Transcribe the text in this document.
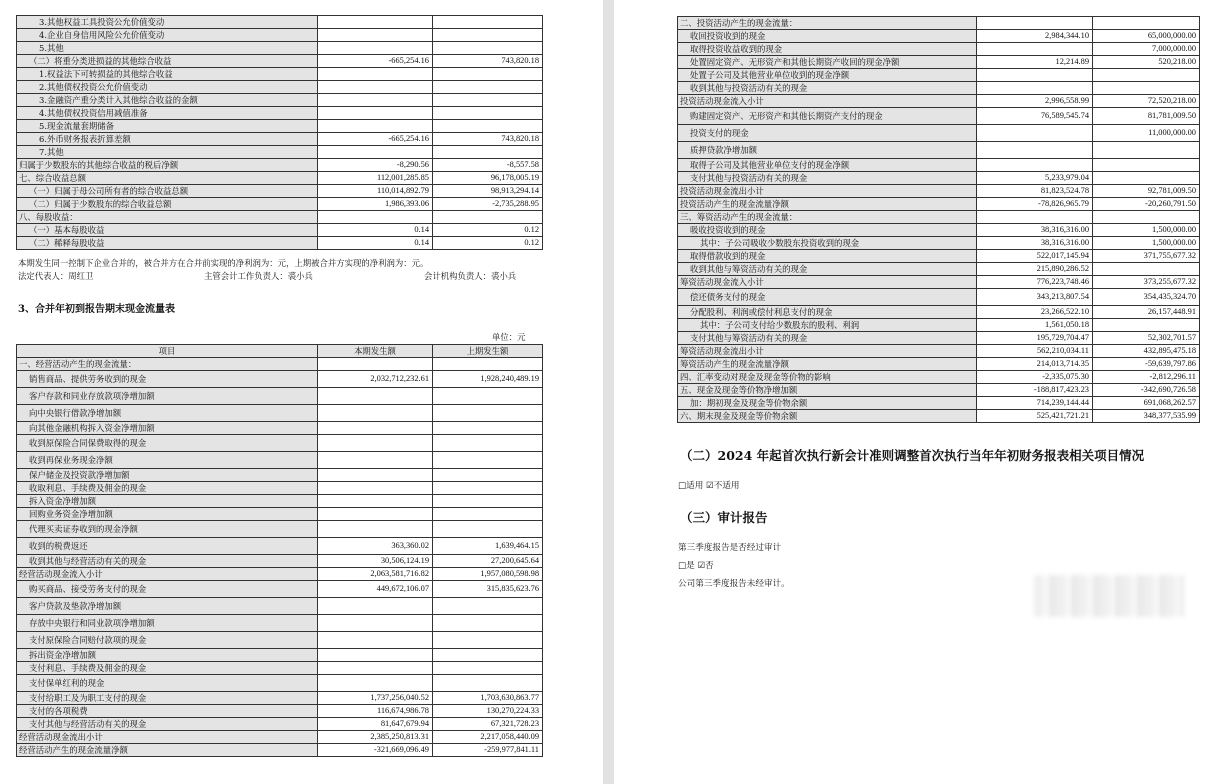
3.其他权益工具投资公允价值变动		
4.企业自身信用风险公允价值变动		
5.其他		
（二）将重分类进损益的其他综合收益	-665,254.16	743,820.18
1.权益法下可转损益的其他综合收益		
2.其他债权投资公允价值变动		
3.金融资产重分类计入其他综合收益的金额		
4.其他债权投资信用减值准备		
5.现金流量套期储备		
6.外币财务报表折算差额	-665,254.16	743,820.18
7.其他		
归属于少数股东的其他综合收益的税后净额	-8,290.56	-8,557.58
七、综合收益总额	112,001,285.85	96,178,005.19
（一）归属于母公司所有者的综合收益总额	110,014,892.79	98,913,294.14
（二）归属于少数股东的综合收益总额	1,986,393.06	-2,735,288.95
八、每股收益：		
（一）基本每股收益	0.14	0.12
（二）稀释每股收益	0.14	0.12
本期发生同一控制下企业合并的，被合并方在合并前实现的净利润为：元，上期被合并方实现的净利润为：元。
法定代表人：周红卫	主管会计工作负责人：裘小兵	会计机构负责人：裘小兵
3、合并年初到报告期末现金流量表
单位：元
项目	本期发生额	上期发生额
一、经营活动产生的现金流量：		
销售商品、提供劳务收到的现金	2,032,712,232.61	1,928,240,489.19
客户存款和同业存放款项净增加额		
向中央银行借款净增加额		
向其他金融机构拆入资金净增加额		
收到原保险合同保费取得的现金		
收到再保业务现金净额		
保户储金及投资款净增加额		
收取利息、手续费及佣金的现金		
拆入资金净增加额		
回购业务资金净增加额		
代理买卖证券收到的现金净额		
收到的税费返还	363,360.02	1,639,464.15
收到其他与经营活动有关的现金	30,506,124.19	27,200,645.64
经营活动现金流入小计	2,063,581,716.82	1,957,080,598.98
购买商品、接受劳务支付的现金	449,672,106.07	315,835,623.76
客户贷款及垫款净增加额		
存放中央银行和同业款项净增加额		
支付原保险合同赔付款项的现金		
拆出资金净增加额		
支付利息、手续费及佣金的现金		
支付保单红利的现金		
支付给职工及为职工支付的现金	1,737,256,040.52	1,703,630,863.77
支付的各项税费	116,674,986.78	130,270,224.33
支付其他与经营活动有关的现金	81,647,679.94	67,321,728.23
经营活动现金流出小计	2,385,250,813.31	2,217,058,440.09
经营活动产生的现金流量净额	-321,669,096.49	-259,977,841.11
二、投资活动产生的现金流量：		
收回投资收到的现金	2,984,344.10	65,000,000.00
取得投资收益收到的现金		7,000,000.00
处置固定资产、无形资产和其他长期资产收回的现金净额	12,214.89	520,218.00
处置子公司及其他营业单位收到的现金净额		
收到其他与投资活动有关的现金		
投资活动现金流入小计	2,996,558.99	72,520,218.00
购建固定资产、无形资产和其他长期资产支付的现金	76,589,545.74	81,781,009.50
投资支付的现金		11,000,000.00
质押贷款净增加额		
取得子公司及其他营业单位支付的现金净额		
支付其他与投资活动有关的现金	5,233,979.04	
投资活动现金流出小计	81,823,524.78	92,781,009.50
投资活动产生的现金流量净额	-78,826,965.79	-20,260,791.50
三、筹资活动产生的现金流量：		
吸收投资收到的现金	38,316,316.00	1,500,000.00
其中：子公司吸收少数股东投资收到的现金	38,316,316.00	1,500,000.00
取得借款收到的现金	522,017,145.94	371,755,677.32
收到其他与筹资活动有关的现金	215,890,286.52	
筹资活动现金流入小计	776,223,748.46	373,255,677.32
偿还债务支付的现金	343,213,807.54	354,435,324.70
分配股利、利润或偿付利息支付的现金	23,266,522.10	26,157,448.91
其中：子公司支付给少数股东的股利、利润	1,561,050.18	
支付其他与筹资活动有关的现金	195,729,704.47	52,302,701.57
筹资活动现金流出小计	562,210,034.11	432,895,475.18
筹资活动产生的现金流量净额	214,013,714.35	-59,639,797.86
四、汇率变动对现金及现金等价物的影响	-2,335,075.30	-2,812,296.11
五、现金及现金等价物净增加额	-188,817,423.23	-342,690,726.58
加：期初现金及现金等价物余额	714,239,144.44	691,068,262.57
六、期末现金及现金等价物余额	525,421,721.21	348,377,535.99
（二）2024 年起首次执行新会计准则调整首次执行当年年初财务报表相关项目情况
□适用 ☑不适用
（三）审计报告
第三季度报告是否经过审计
□是 ☑否
公司第三季度报告未经审计。
